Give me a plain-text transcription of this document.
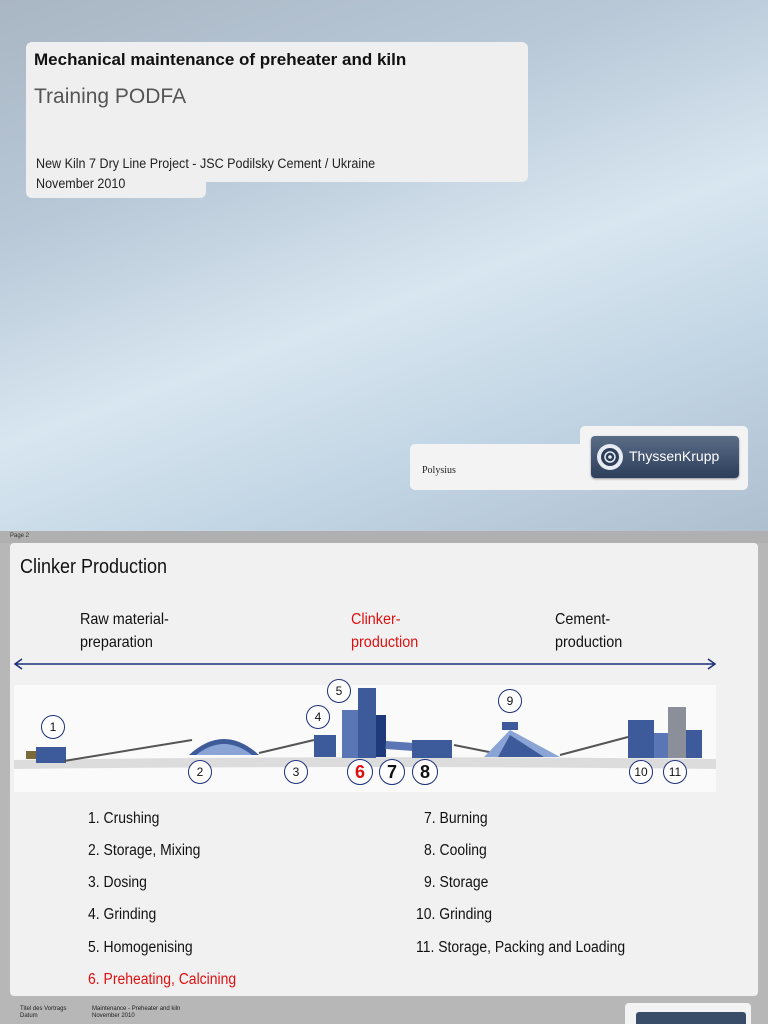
Mechanical maintenance of preheater and kiln
Training PODFA
New Kiln 7 Dry Line Project - JSC Podilsky Cement / Ukraine
November 2010
Polysius
ThyssenKrupp
Page 2
Clinker Production
Raw material-
preparation
Clinker-
production
Cement-
production
1
2	3
4
5
6	7	8
9
10	11
1. Crushing
2. Storage, Mixing
3. Dosing
4. Grinding
5. Homogenising
6. Preheating, Calcining
7. Burning
8. Cooling
9. Storage
10. Grinding
11. Storage, Packing and Loading
Titel des Vortrags
Datum
Maintenance - Preheater and kiln
November 2010
